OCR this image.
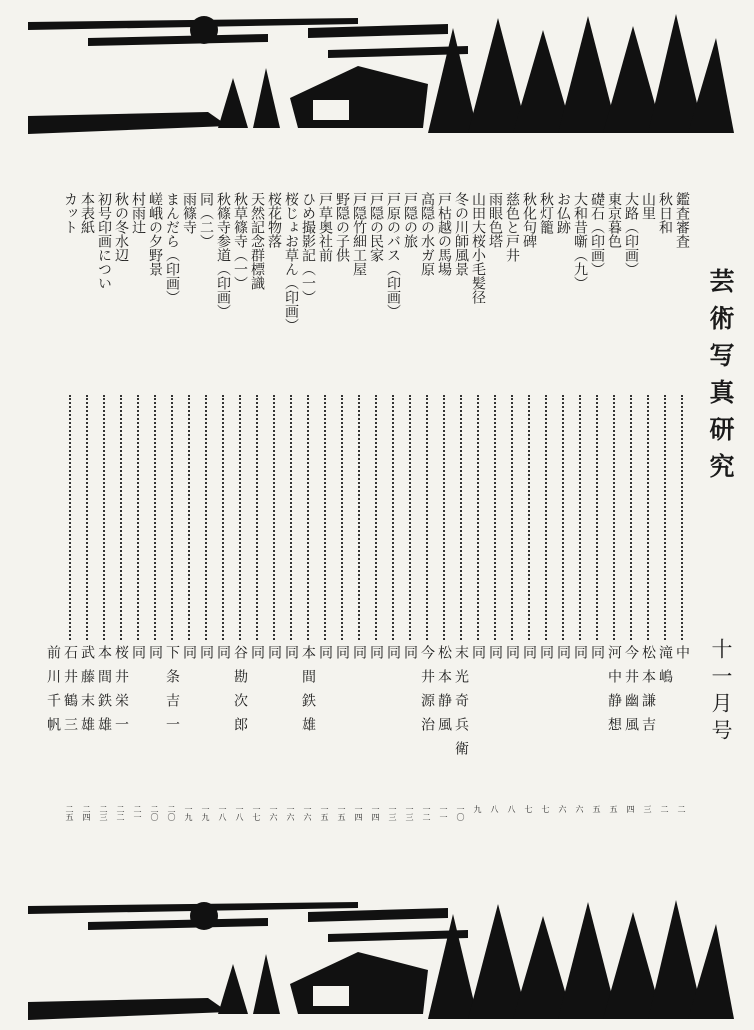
鑑査審査
中
二
秋日和
滝嶋
二
山里
松本謙吉
三
大路（印画）
今井幽風
四
東京暮色
河中静想
五
礎石（印画）
同
五
大和昔噺（九）
同
六
お仏跡
同
六
秋灯籠
同
七
秋化句碑
同
七
慈色と戸井
同
八
雨眼色塔
同
八
山田大桜小毛髪径
同
九
冬の川師風景
末光奇兵衛
一〇
戸枯越の馬場
松本静風
一一
高隠の水ガ原
今井源治
一二
戸隠の旅
同
一三
戸原のバス（印画）
同
一三
戸隠の民家
同
一四
戸隠竹細工屋
同
一四
野隠の子供
同
一五
戸草奥社前
同
一五
ひめ撮影記（一）
本間鉄雄
一六
桜じょお草ん（印画）
同
一六
桜花物落
同
一六
天然記念群標識
同
一七
秋草篠寺（一）
谷勘次郎
一八
秋篠寺参道（印画）
同
一八
同（二）
同
一九
雨篠寺
同
一九
まんだら（印画）
下条吉一
二〇
嵯峨の夕野景
同
二〇
村雨辻
同
二一
秋の冬水辺
桜井栄一
二二
初号印画につい
本間鉄雄
二三
本表紙
武藤末雄
二四
カット
石井鶴三
二五
前川千帆
芸術写真研究
十一月号
